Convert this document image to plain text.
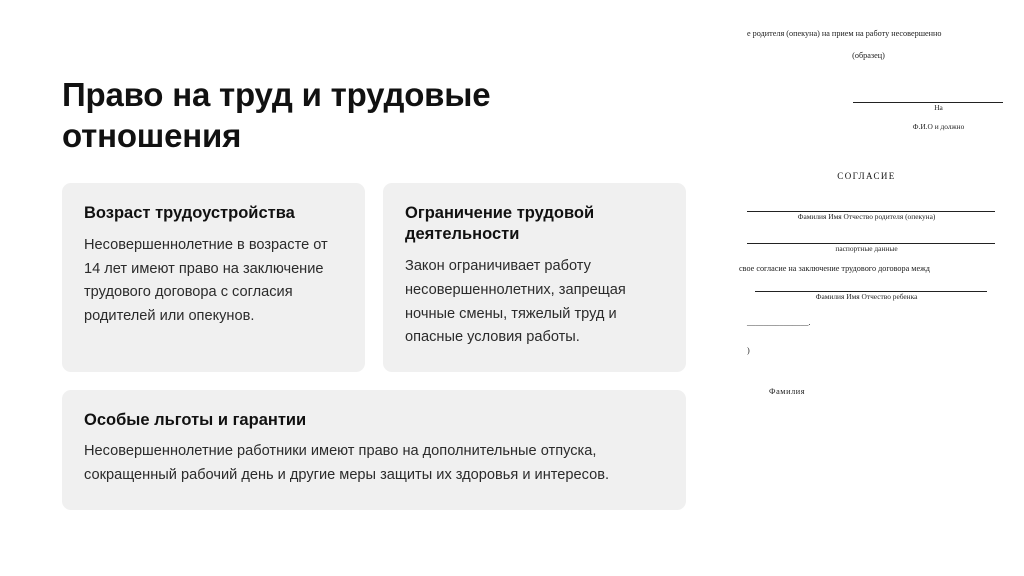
Право на труд и трудовые отношения
Возраст трудоустройства

Несовершеннолетние в возрасте от 14 лет имеют право на заключение трудового договора с согласия родителей или опекунов.

Ограничение трудовой деятельности

Закон ограничивает работу несовершеннолетних, запрещая ночные смены, тяжелый труд и опасные условия работы.

Особые льготы и гарантии

Несовершеннолетние работники имеют право на дополнительные отпуска, сокращенный рабочий день и другие меры защиты их здоровья и интересов.

е родителя (опекуна) на прием на работу несовершенно
(образец)
На
Ф.И.О и должно
СОГЛАСИЕ
Фамилия Имя Отчество родителя (опекуна)
паспортные данные
свое согласие на заключение трудового договора межд
Фамилия Имя Отчество ребенка
_______________.
)
Фамилия
